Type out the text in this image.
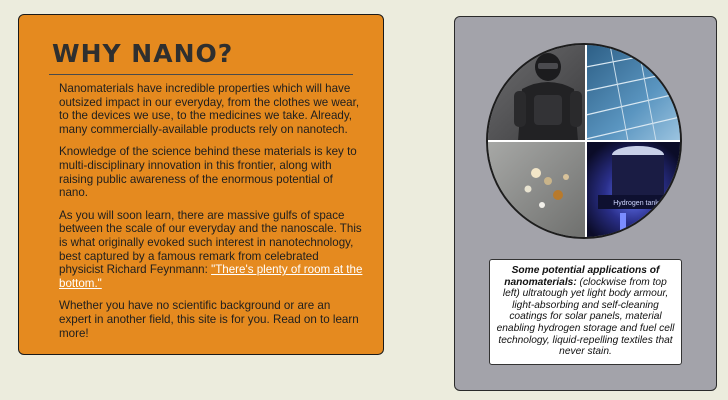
WHY NANO?

Nanomaterials have incredible properties which will have outsized impact in our everyday, from the clothes we wear, to the devices we use, to the medicines we take. Already, many commercially-available products rely on nanotech.

Knowledge of the science behind these materials is key to multi-disciplinary innovation in this frontier, along with raising public awareness of the enormous potential of nano.

As you will soon learn, there are massive gulfs of space between the scale of our everyday and the nanoscale. This is what originally evoked such interest in nanotechnology, best captured by a famous remark from celebrated physicist Richard Feynmann: "There's plenty of room at the bottom."

Whether you have no scientific background or are an expert in another field, this site is for you. Read on to learn more!

Hydrogen tank
Some potential applications of nanomaterials: (clockwise from top left) ultratough yet light body armour, light-absorbing and self-cleaning coatings for solar panels, material enabling hydrogen storage and fuel cell technology, liquid-repelling textiles that never stain.
